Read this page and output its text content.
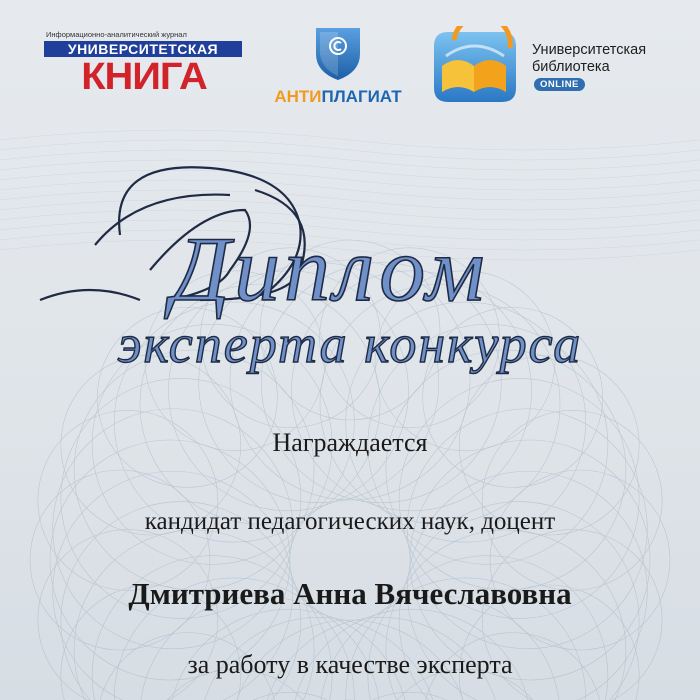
Информационно-аналитический журнал
УНИВЕРСИТЕТСКАЯ
КНИГА	АНТИПЛАГИАТ
Университетская
библиотека
ONLINE
Диплом
эксперта конкурса
Награждается
кандидат педагогических наук, доцент
Дмитриева Анна Вячеславовна
за работу в качестве эксперта
